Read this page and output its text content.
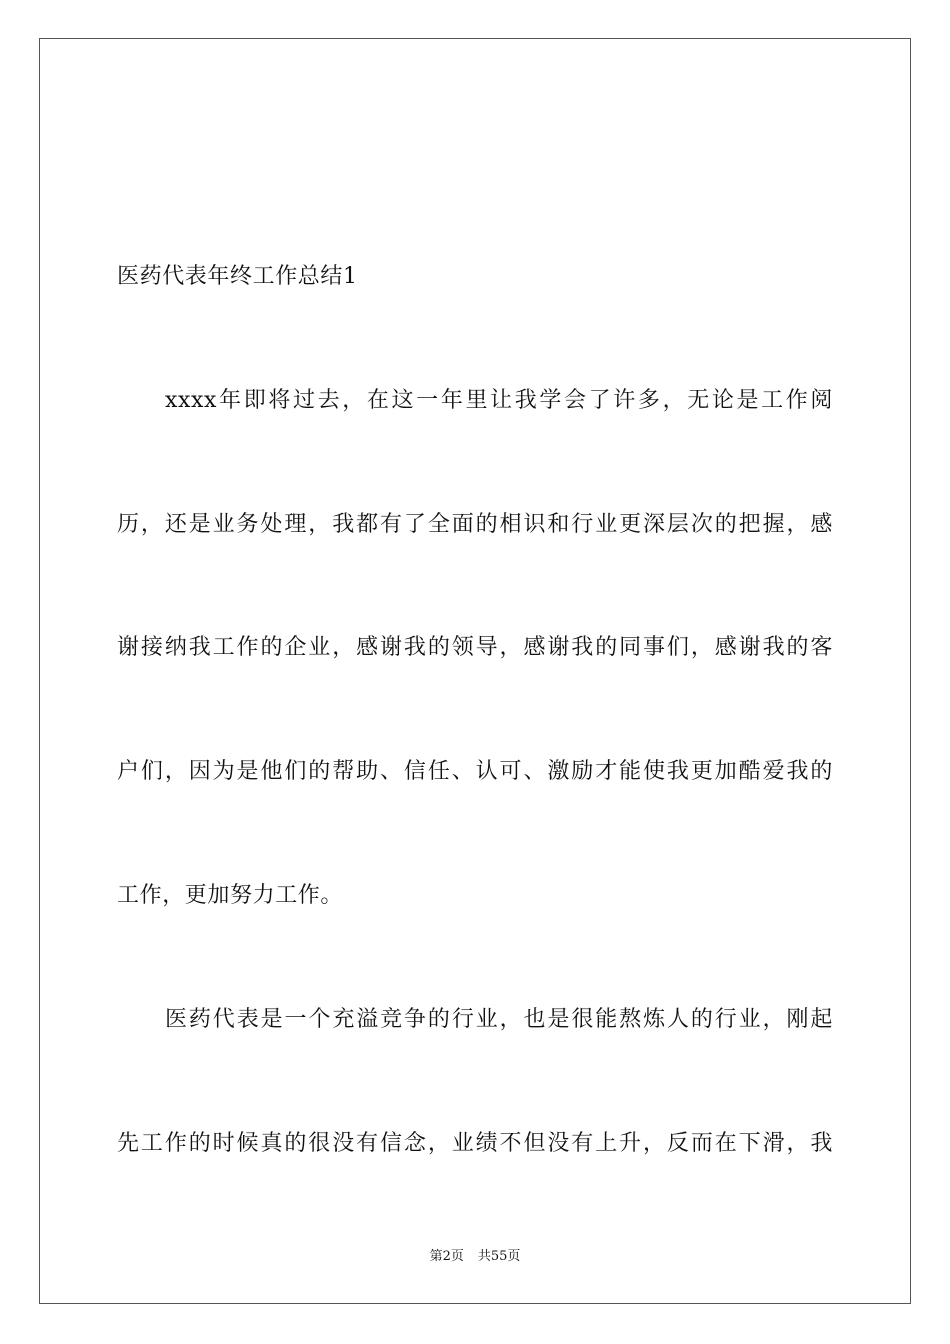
医药代表年终工作总结1
xxxx年即将过去，在这一年里让我学会了许多，无论是工作阅
历，还是业务处理，我都有了全面的相识和行业更深层次的把握，感
谢接纳我工作的企业，感谢我的领导，感谢我的同事们，感谢我的客
户们，因为是他们的帮助、信任、认可、激励才能使我更加酷爱我的
工作，更加努力工作。
医药代表是一个充溢竞争的行业，也是很能熬炼人的行业，刚起
先工作的时候真的很没有信念，业绩不但没有上升，反而在下滑，我
第2页 共55页
